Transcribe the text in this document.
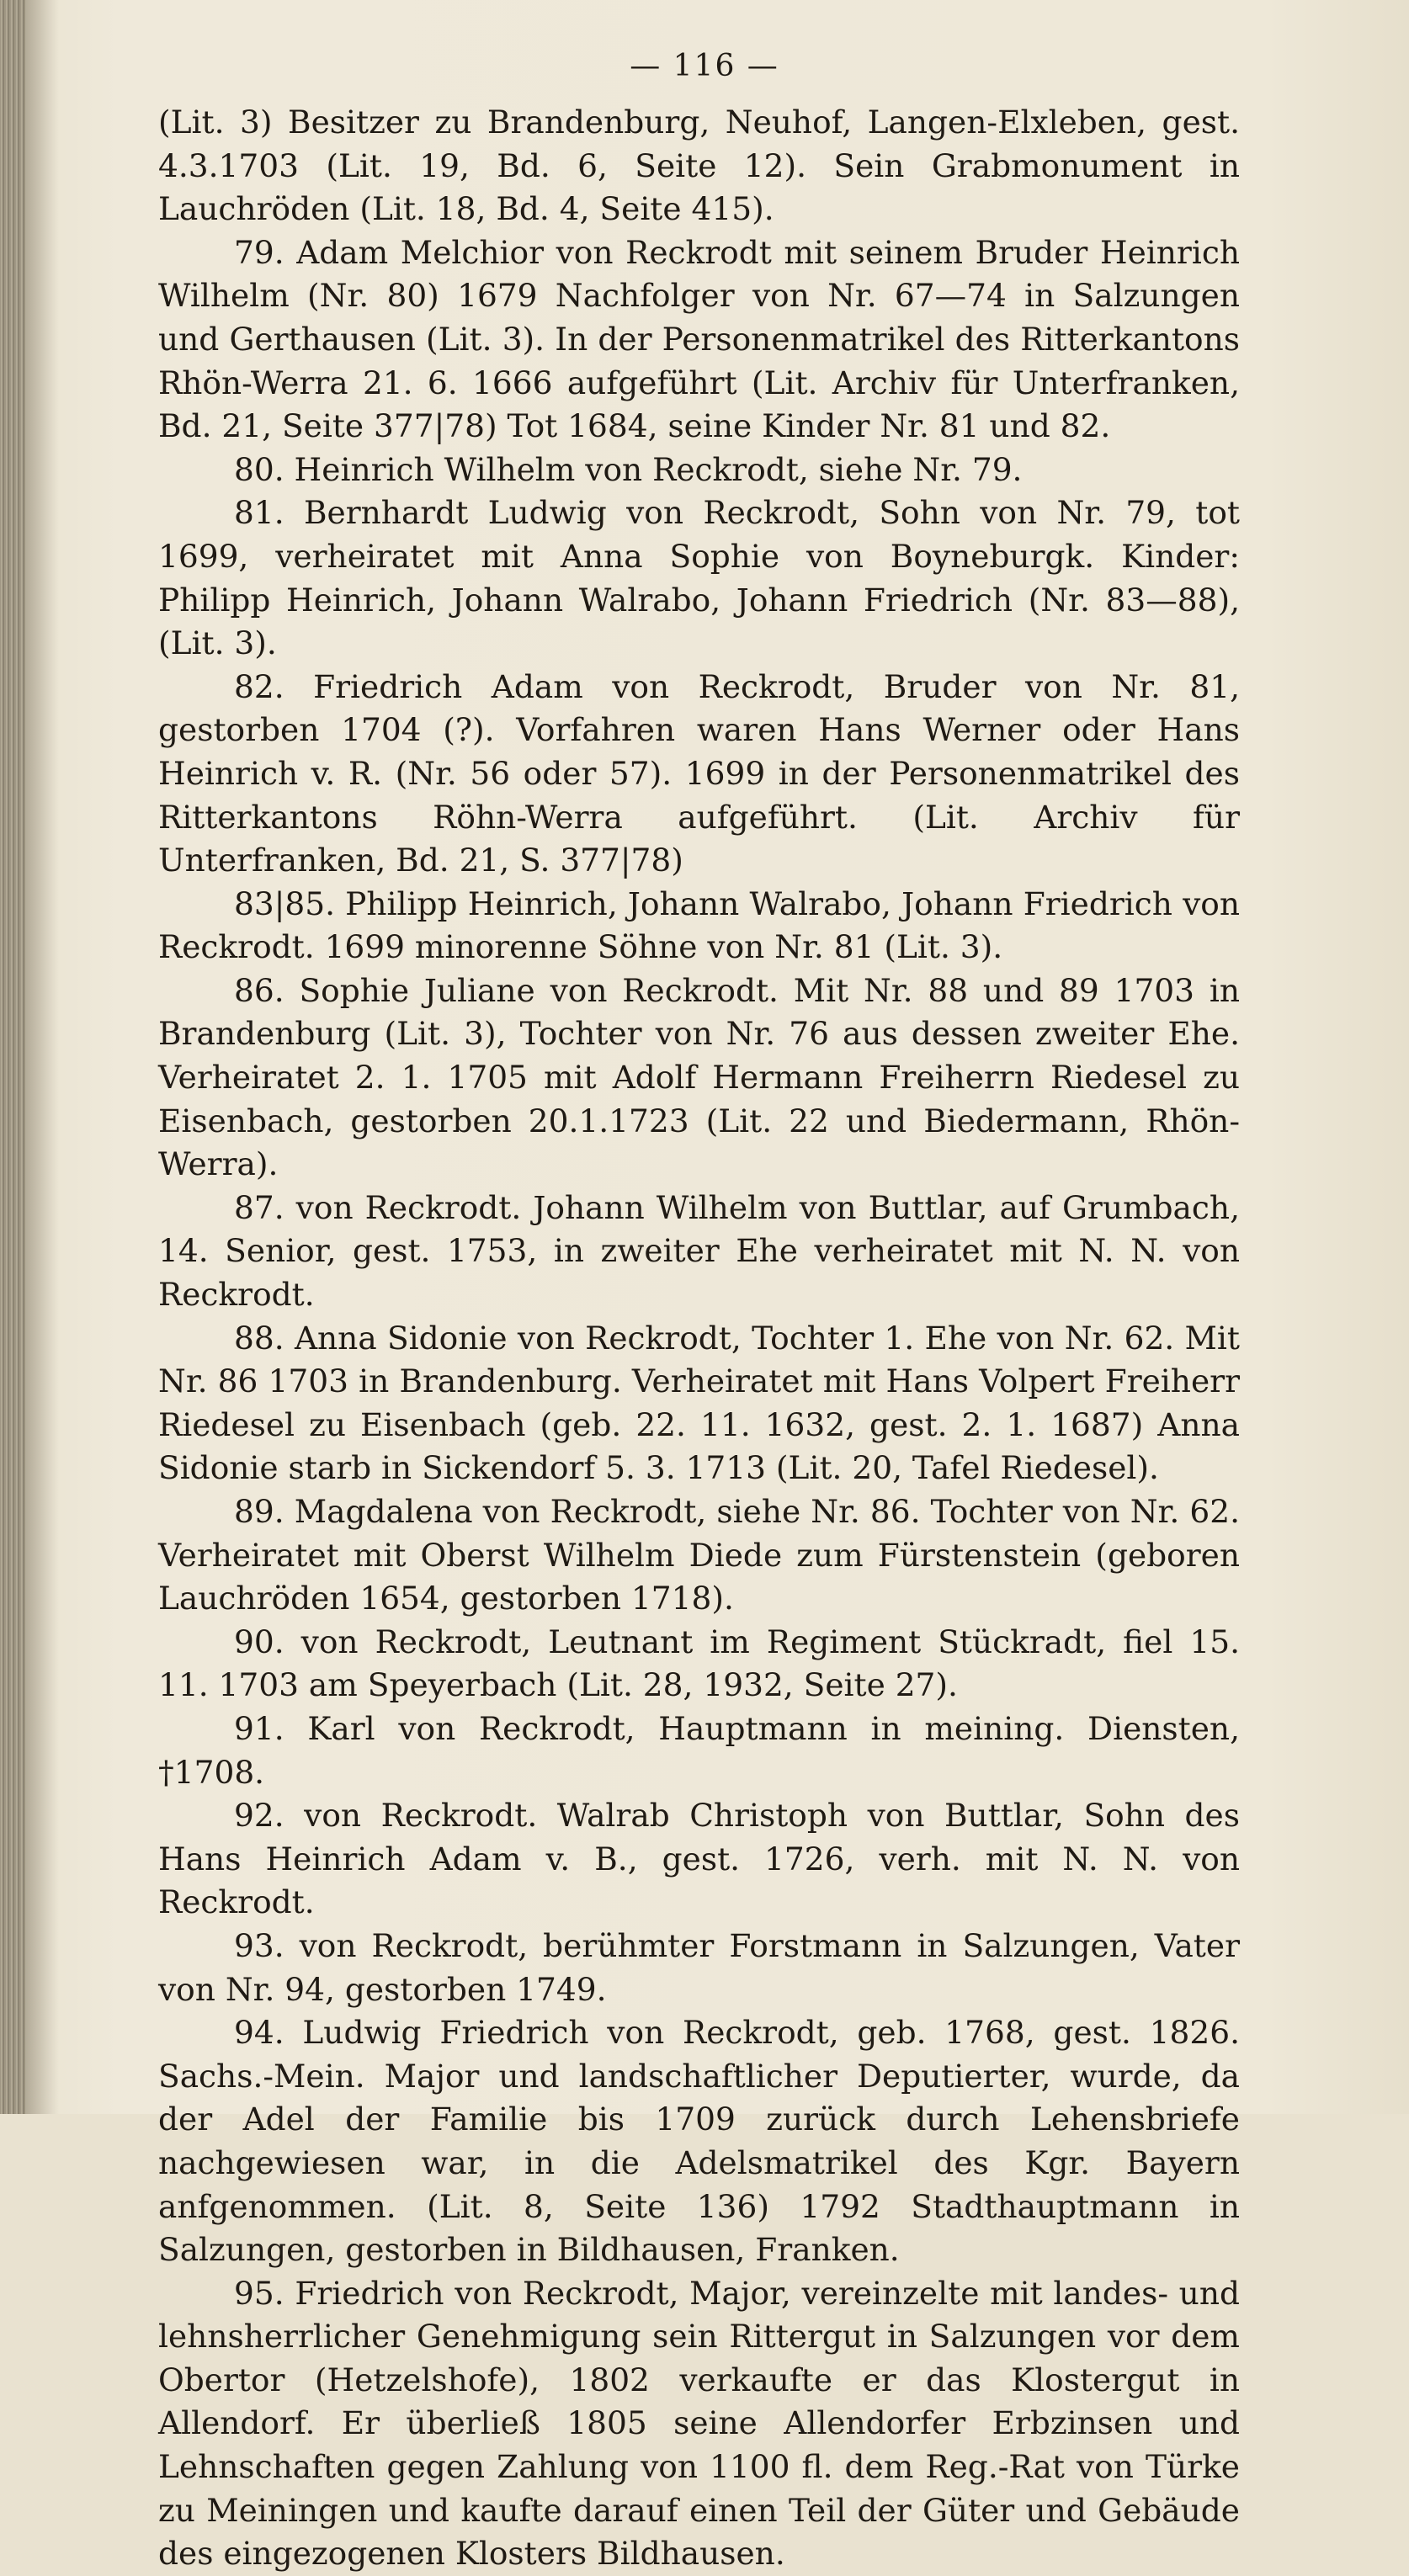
— 116 —

(Lit. 3) Besitzer zu Brandenburg, Neuhof, Langen-Elxleben, gest. 4.3.1703 (Lit. 19, Bd. 6, Seite 12). Sein Grabmonument in Lauchröden (Lit. 18, Bd. 4, Seite 415).

79. Adam Melchior von Reckrodt mit seinem Bruder Heinrich Wilhelm (Nr. 80) 1679 Nachfolger von Nr. 67—74 in Salzungen und Gerthausen (Lit. 3). In der Personenmatrikel des Ritterkantons Rhön-Werra 21. 6. 1666 aufgeführt (Lit. Archiv für Unterfranken, Bd. 21, Seite 377|78) Tot 1684, seine Kinder Nr. 81 und 82.

80. Heinrich Wilhelm von Reckrodt, siehe Nr. 79.

81. Bernhardt Ludwig von Reckrodt, Sohn von Nr. 79, tot 1699, verheiratet mit Anna Sophie von Boyneburgk. Kinder: Philipp Heinrich, Johann Walrabo, Johann Friedrich (Nr. 83—88), (Lit. 3).

82. Friedrich Adam von Reckrodt, Bruder von Nr. 81, gestorben 1704 (?). Vorfahren waren Hans Werner oder Hans Heinrich v. R. (Nr. 56 oder 57). 1699 in der Personenmatrikel des Ritterkantons Röhn-Werra aufgeführt. (Lit. Archiv für Unterfranken, Bd. 21, S. 377|78)

83|85. Philipp Heinrich, Johann Walrabo, Johann Friedrich von Reckrodt. 1699 minorenne Söhne von Nr. 81 (Lit. 3).

86. Sophie Juliane von Reckrodt. Mit Nr. 88 und 89 1703 in Brandenburg (Lit. 3), Tochter von Nr. 76 aus dessen zweiter Ehe. Verheiratet 2. 1. 1705 mit Adolf Hermann Freiherrn Riedesel zu Eisenbach, gestorben 20.1.1723 (Lit. 22 und Biedermann, Rhön-Werra).

87. von Reckrodt. Johann Wilhelm von Buttlar, auf Grumbach, 14. Senior, gest. 1753, in zweiter Ehe verheiratet mit N. N. von Reckrodt.

88. Anna Sidonie von Reckrodt, Tochter 1. Ehe von Nr. 62. Mit Nr. 86 1703 in Brandenburg. Verheiratet mit Hans Volpert Freiherr Riedesel zu Eisenbach (geb. 22. 11. 1632, gest. 2. 1. 1687) Anna Sidonie starb in Sickendorf 5. 3. 1713 (Lit. 20, Tafel Riedesel).

89. Magdalena von Reckrodt, siehe Nr. 86. Tochter von Nr. 62. Verheiratet mit Oberst Wilhelm Diede zum Fürstenstein (geboren Lauchröden 1654, gestorben 1718).

90. von Reckrodt, Leutnant im Regiment Stückradt, fiel 15. 11. 1703 am Speyerbach (Lit. 28, 1932, Seite 27).

91. Karl von Reckrodt, Hauptmann in meining. Diensten, †1708.

92. von Reckrodt. Walrab Christoph von Buttlar, Sohn des Hans Heinrich Adam v. B., gest. 1726, verh. mit N. N. von Reckrodt.

93. von Reckrodt, berühmter Forstmann in Salzungen, Vater von Nr. 94, gestorben 1749.

94. Ludwig Friedrich von Reckrodt, geb. 1768, gest. 1826. Sachs.-Mein. Major und landschaftlicher Deputierter, wurde, da der Adel der Familie bis 1709 zurück durch Lehensbriefe nachgewiesen war, in die Adelsmatrikel des Kgr. Bayern anfgenommen. (Lit. 8, Seite 136) 1792 Stadthauptmann in Salzungen, gestorben in Bildhausen, Franken.

95. Friedrich von Reckrodt, Major, vereinzelte mit landes- und lehnsherrlicher Genehmigung sein Rittergut in Salzungen vor dem Obertor (Hetzelshofe), 1802 verkaufte er das Klostergut in Allendorf. Er überließ 1805 seine Allendorfer Erbzinsen und Lehnschaften gegen Zahlung von 1100 fl. dem Reg.-Rat von Türke zu Meiningen und kaufte darauf einen Teil der Güter und Gebäude des eingezogenen Klosters Bildhausen.
